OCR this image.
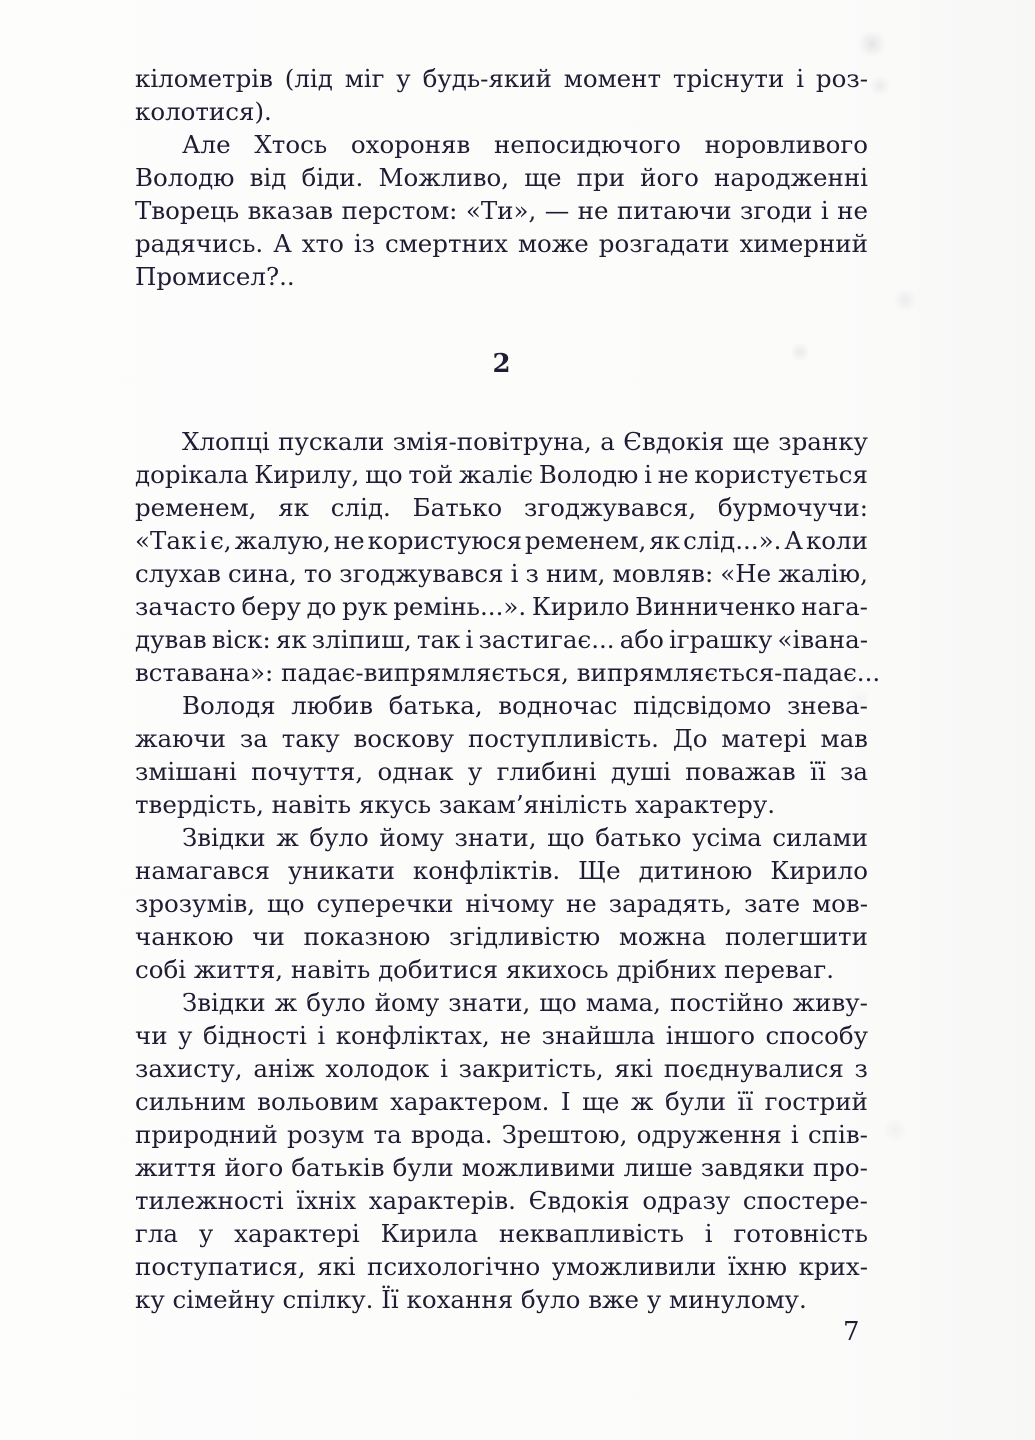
кілометрів (лід міг у будь-який момент тріснути і роз-
колотися).
Але Хтось охороняв непосидючого норовливого
Володю від біди. Можливо, ще при його народженні
Творець вказав перстом: «Ти», — не питаючи згоди і не
радячись. А хто із смертних може розгадати химерний
Промисел?..
2
Хлопці пускали змія-повітруна, а Євдокія ще зранку
дорікала Кирилу, що той жаліє Володю і не користується
ременем, як слід. Батько згоджувався, бурмочучи:
«Так і є, жалую, не користуюся ременем, як слід...». А коли
слухав сина, то згоджувався і з ним, мовляв: «Не жалію,
зачасто беру до рук ремінь...». Кирило Винниченко нага-
дував віск: як зліпиш, так і застигає... або іграшку «івана-
вставана»: падає-випрямляється, випрямляється-падає...
Володя любив батька, водночас підсвідомо знева-
жаючи за таку воскову поступливість. До матері мав
змішані почуття, однак у глибині душі поважав її за
твердість, навіть якусь закам’янілість характеру.
Звідки ж було йому знати, що батько усіма силами
намагався уникати конфліктів. Ще дитиною Кирило
зрозумів, що суперечки нічому не зарадять, зате мов-
чанкою чи показною згідливістю можна полегшити
собі життя, навіть добитися якихось дрібних переваг.
Звідки ж було йому знати, що мама, постійно живу-
чи у бідності і конфліктах, не знайшла іншого способу
захисту, аніж холодок і закритість, які поєднувалися з
сильним вольовим характером. І ще ж були її гострий
природний розум та врода. Зрештою, одруження і спів-
життя його батьків були можливими лише завдяки про-
тилежності їхніх характерів. Євдокія одразу спостере-
гла у характері Кирила неквапливість і готовність
поступатися, які психологічно уможливили їхню крих-
ку сімейну спілку. Її кохання було вже у минулому.
7
